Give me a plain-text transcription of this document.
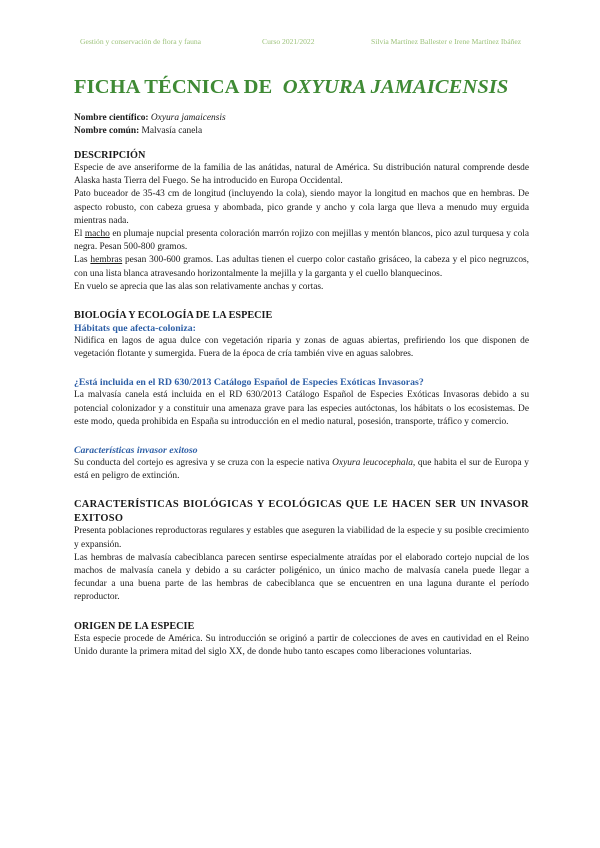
Gestión y conservación de flora y fauna	Curso 2021/2022	Silvia Martínez Ballester e Irene Martínez Ibáñez
FICHA TÉCNICA DE OXYURA JAMAICENSIS
Nombre científico: Oxyura jamaicensis
Nombre común: Malvasía canela
DESCRIPCIÓN

Especie de ave anseriforme de la familia de las anátidas, natural de América. Su distribución natural comprende desde Alaska hasta Tierra del Fuego. Se ha introducido en Europa Occidental.

Pato buceador de 35-43 cm de longitud (incluyendo la cola), siendo mayor la longitud en machos que en hembras. De aspecto robusto, con cabeza gruesa y abombada, pico grande y ancho y cola larga que lleva a menudo muy erguida mientras nada.

El macho en plumaje nupcial presenta coloración marrón rojizo con mejillas y mentón blancos, pico azul turquesa y cola negra. Pesan 500-800 gramos.

Las hembras pesan 300-600 gramos. Las adultas tienen el cuerpo color castaño grisáceo, la cabeza y el pico negruzcos, con una lista blanca atravesando horizontalmente la mejilla y la garganta y el cuello blanquecinos.

En vuelo se aprecia que las alas son relativamente anchas y cortas.

BIOLOGÍA Y ECOLOGÍA DE LA ESPECIE
Hábitats que afecta-coloniza:

Nidifica en lagos de agua dulce con vegetación riparia y zonas de aguas abiertas, prefiriendo los que disponen de vegetación flotante y sumergida. Fuera de la época de cría también vive en aguas salobres.

¿Está incluida en el RD 630/2013 Catálogo Español de Especies Exóticas Invasoras?

La malvasía canela está incluida en el RD 630/2013 Catálogo Español de Especies Exóticas Invasoras debido a su potencial colonizador y a constituir una amenaza grave para las especies autóctonas, los hábitats o los ecosistemas. De este modo, queda prohibida en España su introducción en el medio natural, posesión, transporte, tráfico y comercio.

Características invasor exitoso

Su conducta del cortejo es agresiva y se cruza con la especie nativa Oxyura leucocephala, que habita el sur de Europa y está en peligro de extinción.

CARACTERÍSTICAS BIOLÓGICAS Y ECOLÓGICAS QUE LE HACEN SER UN INVASOR EXITOSO

Presenta poblaciones reproductoras regulares y estables que aseguren la viabilidad de la especie y su posible crecimiento y expansión.

Las hembras de malvasía cabeciblanca parecen sentirse especialmente atraídas por el elaborado cortejo nupcial de los machos de malvasía canela y debido a su carácter poligénico, un único macho de malvasía canela puede llegar a fecundar a una buena parte de las hembras de cabeciblanca que se encuentren en una laguna durante el período reproductor.

ORIGEN DE LA ESPECIE

Esta especie procede de América. Su introducción se originó a partir de colecciones de aves en cautividad en el Reino Unido durante la primera mitad del siglo XX, de donde hubo tanto escapes como liberaciones voluntarias.
